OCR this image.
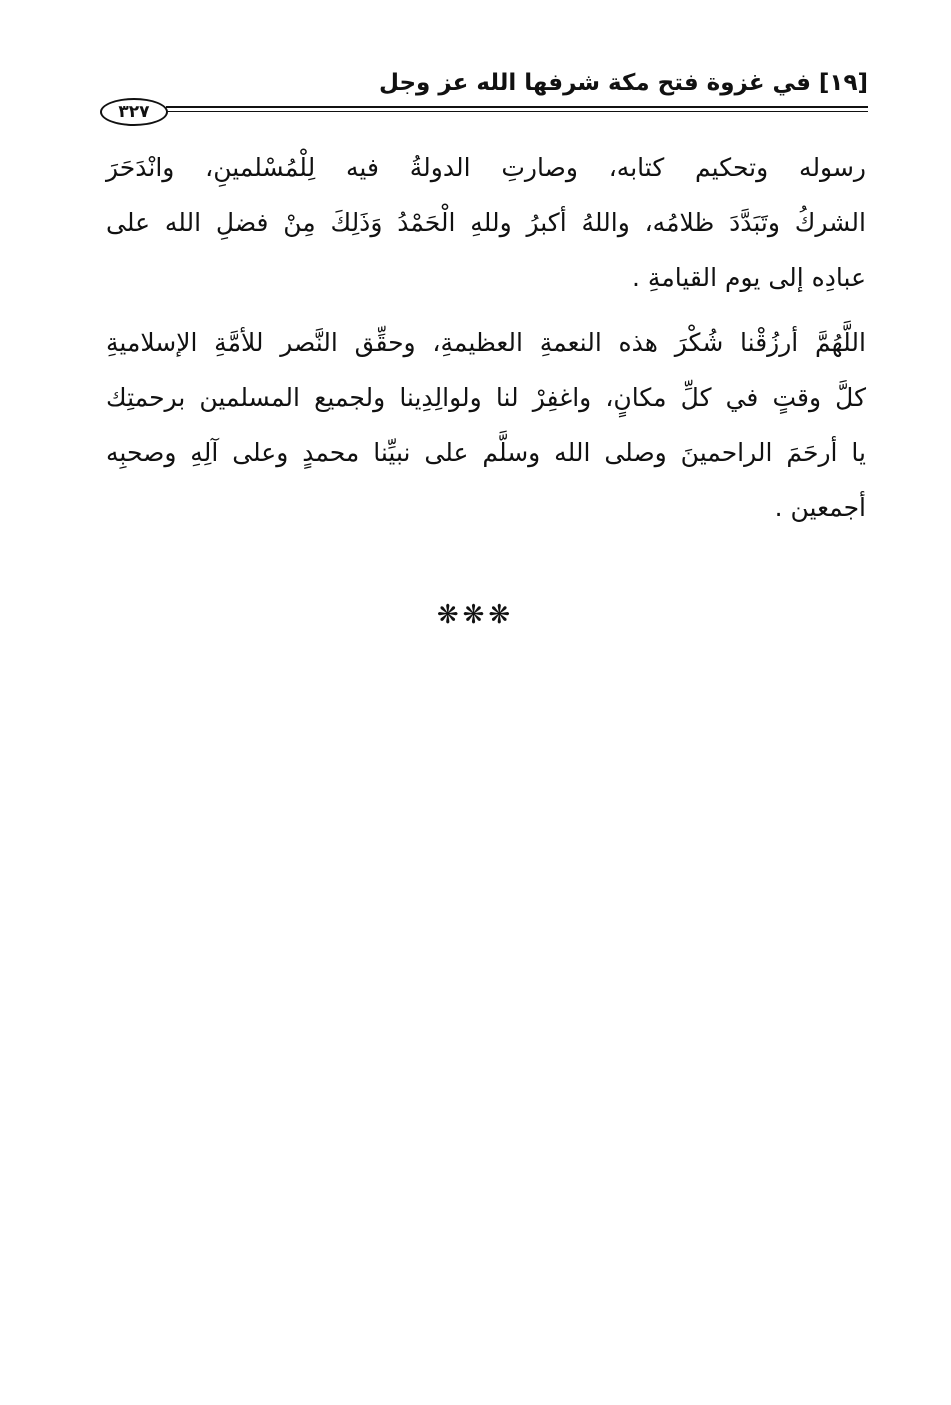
[١٩] في غزوة فتح مكة شرفها الله عز وجل
٣٢٧
رسوله وتحكيم كتابه، وصارتِ الدولةُ فيه لِلْمُسْلمينِ، وانْدَحَرَ
الشركُ وتَبَدَّدَ ظلامُه، واللهُ أكبرُ وللهِ الْحَمْدُ وَذَلِكَ مِنْ فضلِ الله على
عبادِه إلى يوم القيامةِ .
اللَّهُمَّ أرزُقْنا شُكْرَ هذه النعمةِ العظيمةِ، وحقِّق النَّصر للأمَّةِ الإسلاميةِ
كلَّ وقتٍ في كلِّ مكانٍ، واغفِرْ لنا ولوالِدِينا ولجميع المسلمين برحمتِك
يا أرحَمَ الراحمينَ وصلى الله وسلَّم على نبيِّنا محمدٍ وعلى آلِهِ وصحبِه
أجمعين .
❋❋❋
